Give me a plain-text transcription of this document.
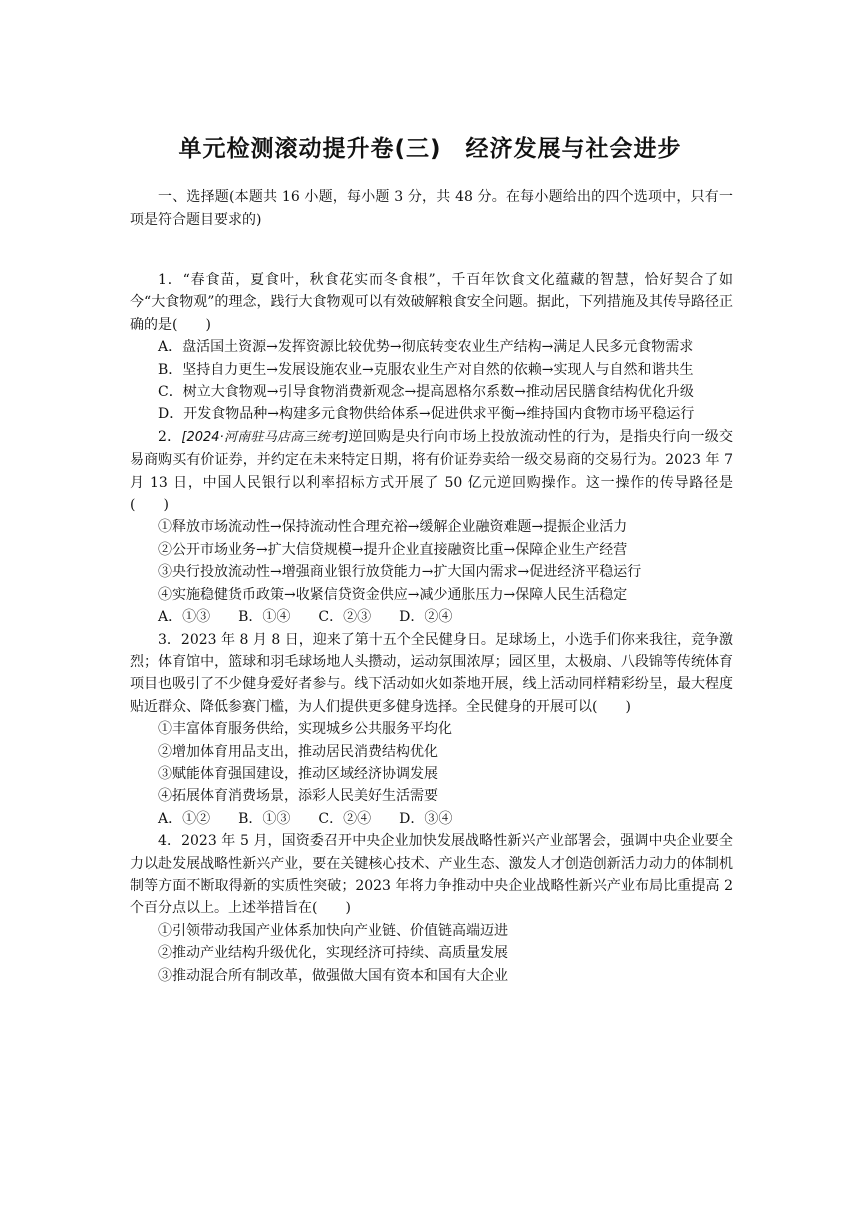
单元检测滚动提升卷(三)　经济发展与社会进步
一、选择题(本题共 16 小题，每小题 3 分，共 48 分。在每小题给出的四个选项中，只有一项是符合题目要求的)

1．“春食苗，夏食叶，秋食花实而冬食根”，千百年饮食文化蕴藏的智慧，恰好契合了如今“大食物观”的理念，践行大食物观可以有效破解粮食安全问题。据此，下列措施及其传导路径正确的是(　　)

A．盘活国土资源→发挥资源比较优势→彻底转变农业生产结构→满足人民多元食物需求

B．坚持自力更生→发展设施农业→克服农业生产对自然的依赖→实现人与自然和谐共生

C．树立大食物观→引导食物消费新观念→提高恩格尔系数→推动居民膳食结构优化升级

D．开发食物品种→构建多元食物供给体系→促进供求平衡→维持国内食物市场平稳运行

2．[2024·河南驻马店高三统考]逆回购是央行向市场上投放流动性的行为，是指央行向一级交易商购买有价证券，并约定在未来特定日期，将有价证券卖给一级交易商的交易行为。2023 年 7 月 13 日，中国人民银行以利率招标方式开展了 50 亿元逆回购操作。这一操作的传导路径是(　　)

①释放市场流动性→保持流动性合理充裕→缓解企业融资难题→提振企业活力

②公开市场业务→扩大信贷规模→提升企业直接融资比重→保障企业生产经营

③央行投放流动性→增强商业银行放贷能力→扩大国内需求→促进经济平稳运行

④实施稳健货币政策→收紧信贷资金供应→减少通胀压力→保障人民生活稳定

A．①③　　B．①④　　C．②③　　D．②④

3．2023 年 8 月 8 日，迎来了第十五个全民健身日。足球场上，小选手们你来我往，竞争激烈；体育馆中，篮球和羽毛球场地人头攒动，运动氛围浓厚；园区里，太极扇、八段锦等传统体育项目也吸引了不少健身爱好者参与。线下活动如火如荼地开展，线上活动同样精彩纷呈，最大程度贴近群众、降低参赛门槛，为人们提供更多健身选择。全民健身的开展可以(　　)

①丰富体育服务供给，实现城乡公共服务平均化

②增加体育用品支出，推动居民消费结构优化

③赋能体育强国建设，推动区域经济协调发展

④拓展体育消费场景，添彩人民美好生活需要

A．①②　　B．①③　　C．②④　　D．③④

4．2023 年 5 月，国资委召开中央企业加快发展战略性新兴产业部署会，强调中央企业要全力以赴发展战略性新兴产业，要在关键核心技术、产业生态、激发人才创造创新活力动力的体制机制等方面不断取得新的实质性突破；2023 年将力争推动中央企业战略性新兴产业布局比重提高 2 个百分点以上。上述举措旨在(　　)

①引领带动我国产业体系加快向产业链、价值链高端迈进

②推动产业结构升级优化，实现经济可持续、高质量发展

③推动混合所有制改革，做强做大国有资本和国有大企业
